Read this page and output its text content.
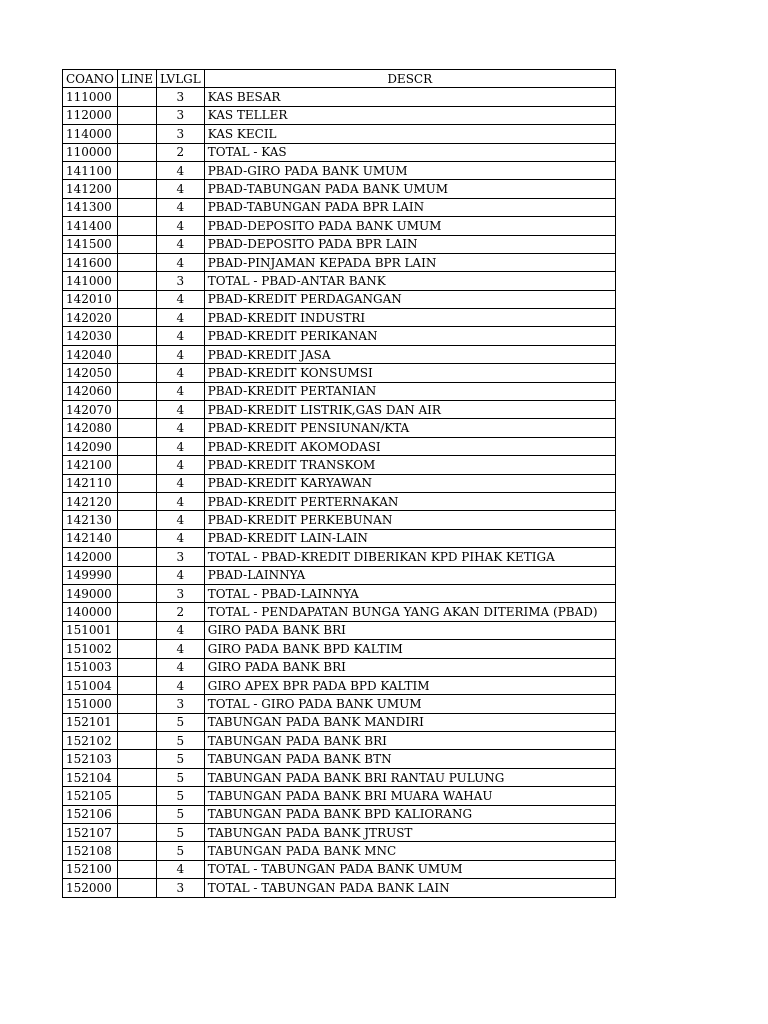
COANO	LINE	LVLGL	DESCR
111000		3	KAS BESAR
112000		3	KAS TELLER
114000		3	KAS KECIL
110000		2	TOTAL - KAS
141100		4	PBAD-GIRO PADA BANK UMUM
141200		4	PBAD-TABUNGAN PADA BANK UMUM
141300		4	PBAD-TABUNGAN PADA BPR LAIN
141400		4	PBAD-DEPOSITO PADA BANK UMUM
141500		4	PBAD-DEPOSITO PADA BPR LAIN
141600		4	PBAD-PINJAMAN KEPADA BPR LAIN
141000		3	TOTAL - PBAD-ANTAR BANK
142010		4	PBAD-KREDIT PERDAGANGAN
142020		4	PBAD-KREDIT INDUSTRI
142030		4	PBAD-KREDIT PERIKANAN
142040		4	PBAD-KREDIT JASA
142050		4	PBAD-KREDIT KONSUMSI
142060		4	PBAD-KREDIT PERTANIAN
142070		4	PBAD-KREDIT LISTRIK,GAS DAN AIR
142080		4	PBAD-KREDIT PENSIUNAN/KTA
142090		4	PBAD-KREDIT AKOMODASI
142100		4	PBAD-KREDIT TRANSKOM
142110		4	PBAD-KREDIT KARYAWAN
142120		4	PBAD-KREDIT PERTERNAKAN
142130		4	PBAD-KREDIT PERKEBUNAN
142140		4	PBAD-KREDIT LAIN-LAIN
142000		3	TOTAL - PBAD-KREDIT DIBERIKAN KPD PIHAK KETIGA
149990		4	PBAD-LAINNYA
149000		3	TOTAL - PBAD-LAINNYA
140000		2	TOTAL - PENDAPATAN BUNGA YANG AKAN DITERIMA (PBAD)
151001		4	GIRO PADA BANK BRI
151002		4	GIRO PADA BANK BPD KALTIM
151003		4	GIRO PADA BANK BRI
151004		4	GIRO APEX BPR PADA BPD KALTIM
151000		3	TOTAL - GIRO PADA BANK UMUM
152101		5	TABUNGAN PADA BANK MANDIRI
152102		5	TABUNGAN PADA BANK BRI
152103		5	TABUNGAN PADA BANK BTN
152104		5	TABUNGAN PADA BANK BRI RANTAU PULUNG
152105		5	TABUNGAN PADA BANK BRI MUARA WAHAU
152106		5	TABUNGAN PADA BANK BPD KALIORANG
152107		5	TABUNGAN PADA BANK JTRUST
152108		5	TABUNGAN PADA BANK MNC
152100		4	TOTAL - TABUNGAN PADA BANK UMUM
152000		3	TOTAL - TABUNGAN PADA BANK LAIN
